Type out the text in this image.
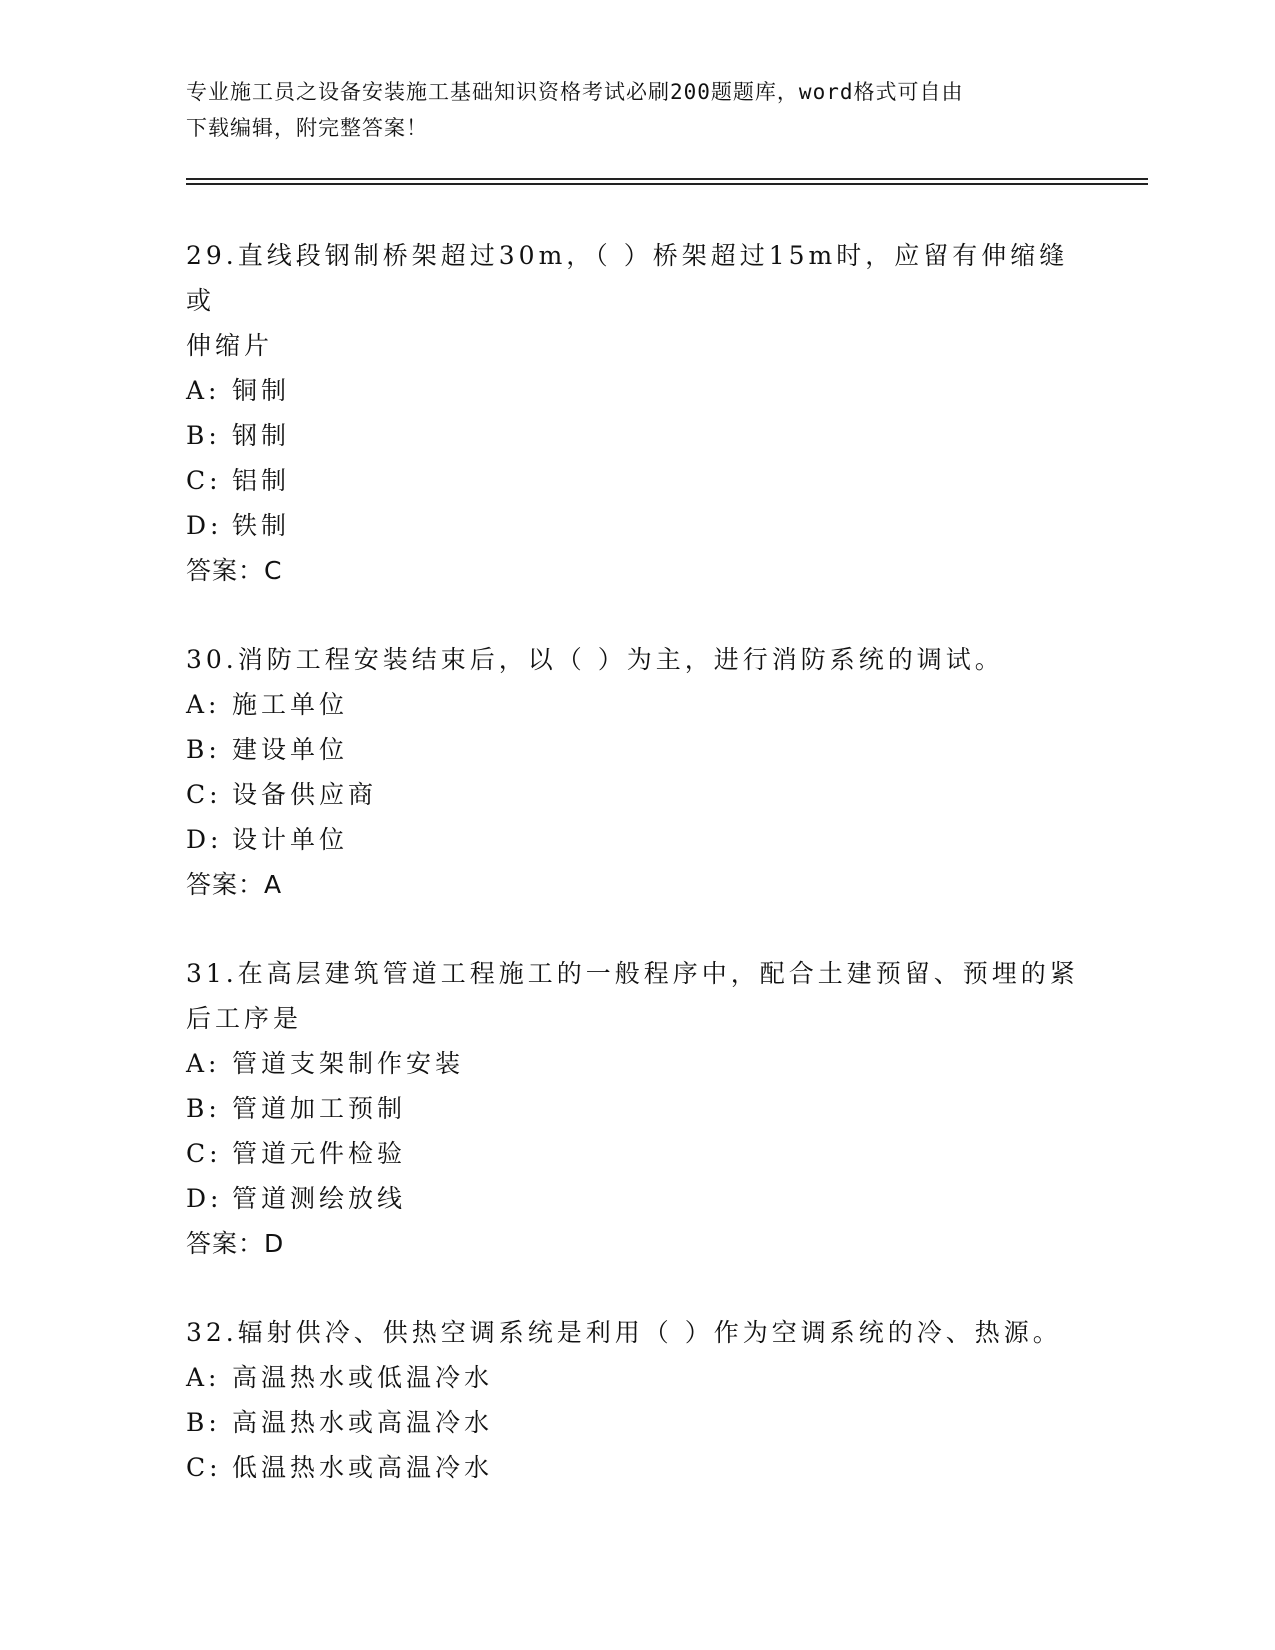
专业施工员之设备安装施工基础知识资格考试必刷200题题库，word格式可自由
下载编辑，附完整答案！

29.直线段钢制桥架超过30m，（ ）桥架超过15m时，应留有伸缩缝或

伸缩片

A: 铜制
B: 钢制
C: 铝制
D: 铁制

答案：C

30.消防工程安装结束后，以（ ）为主，进行消防系统的调试。

A: 施工单位
B: 建设单位
C: 设备供应商
D: 设计单位

答案：A

31.在高层建筑管道工程施工的一般程序中，配合土建预留、预埋的紧

后工序是

A: 管道支架制作安装
B: 管道加工预制
C: 管道元件检验
D: 管道测绘放线

答案：D

32.辐射供冷、供热空调系统是利用（ ）作为空调系统的冷、热源。

A: 高温热水或低温冷水
B: 高温热水或高温冷水
C: 低温热水或高温冷水
